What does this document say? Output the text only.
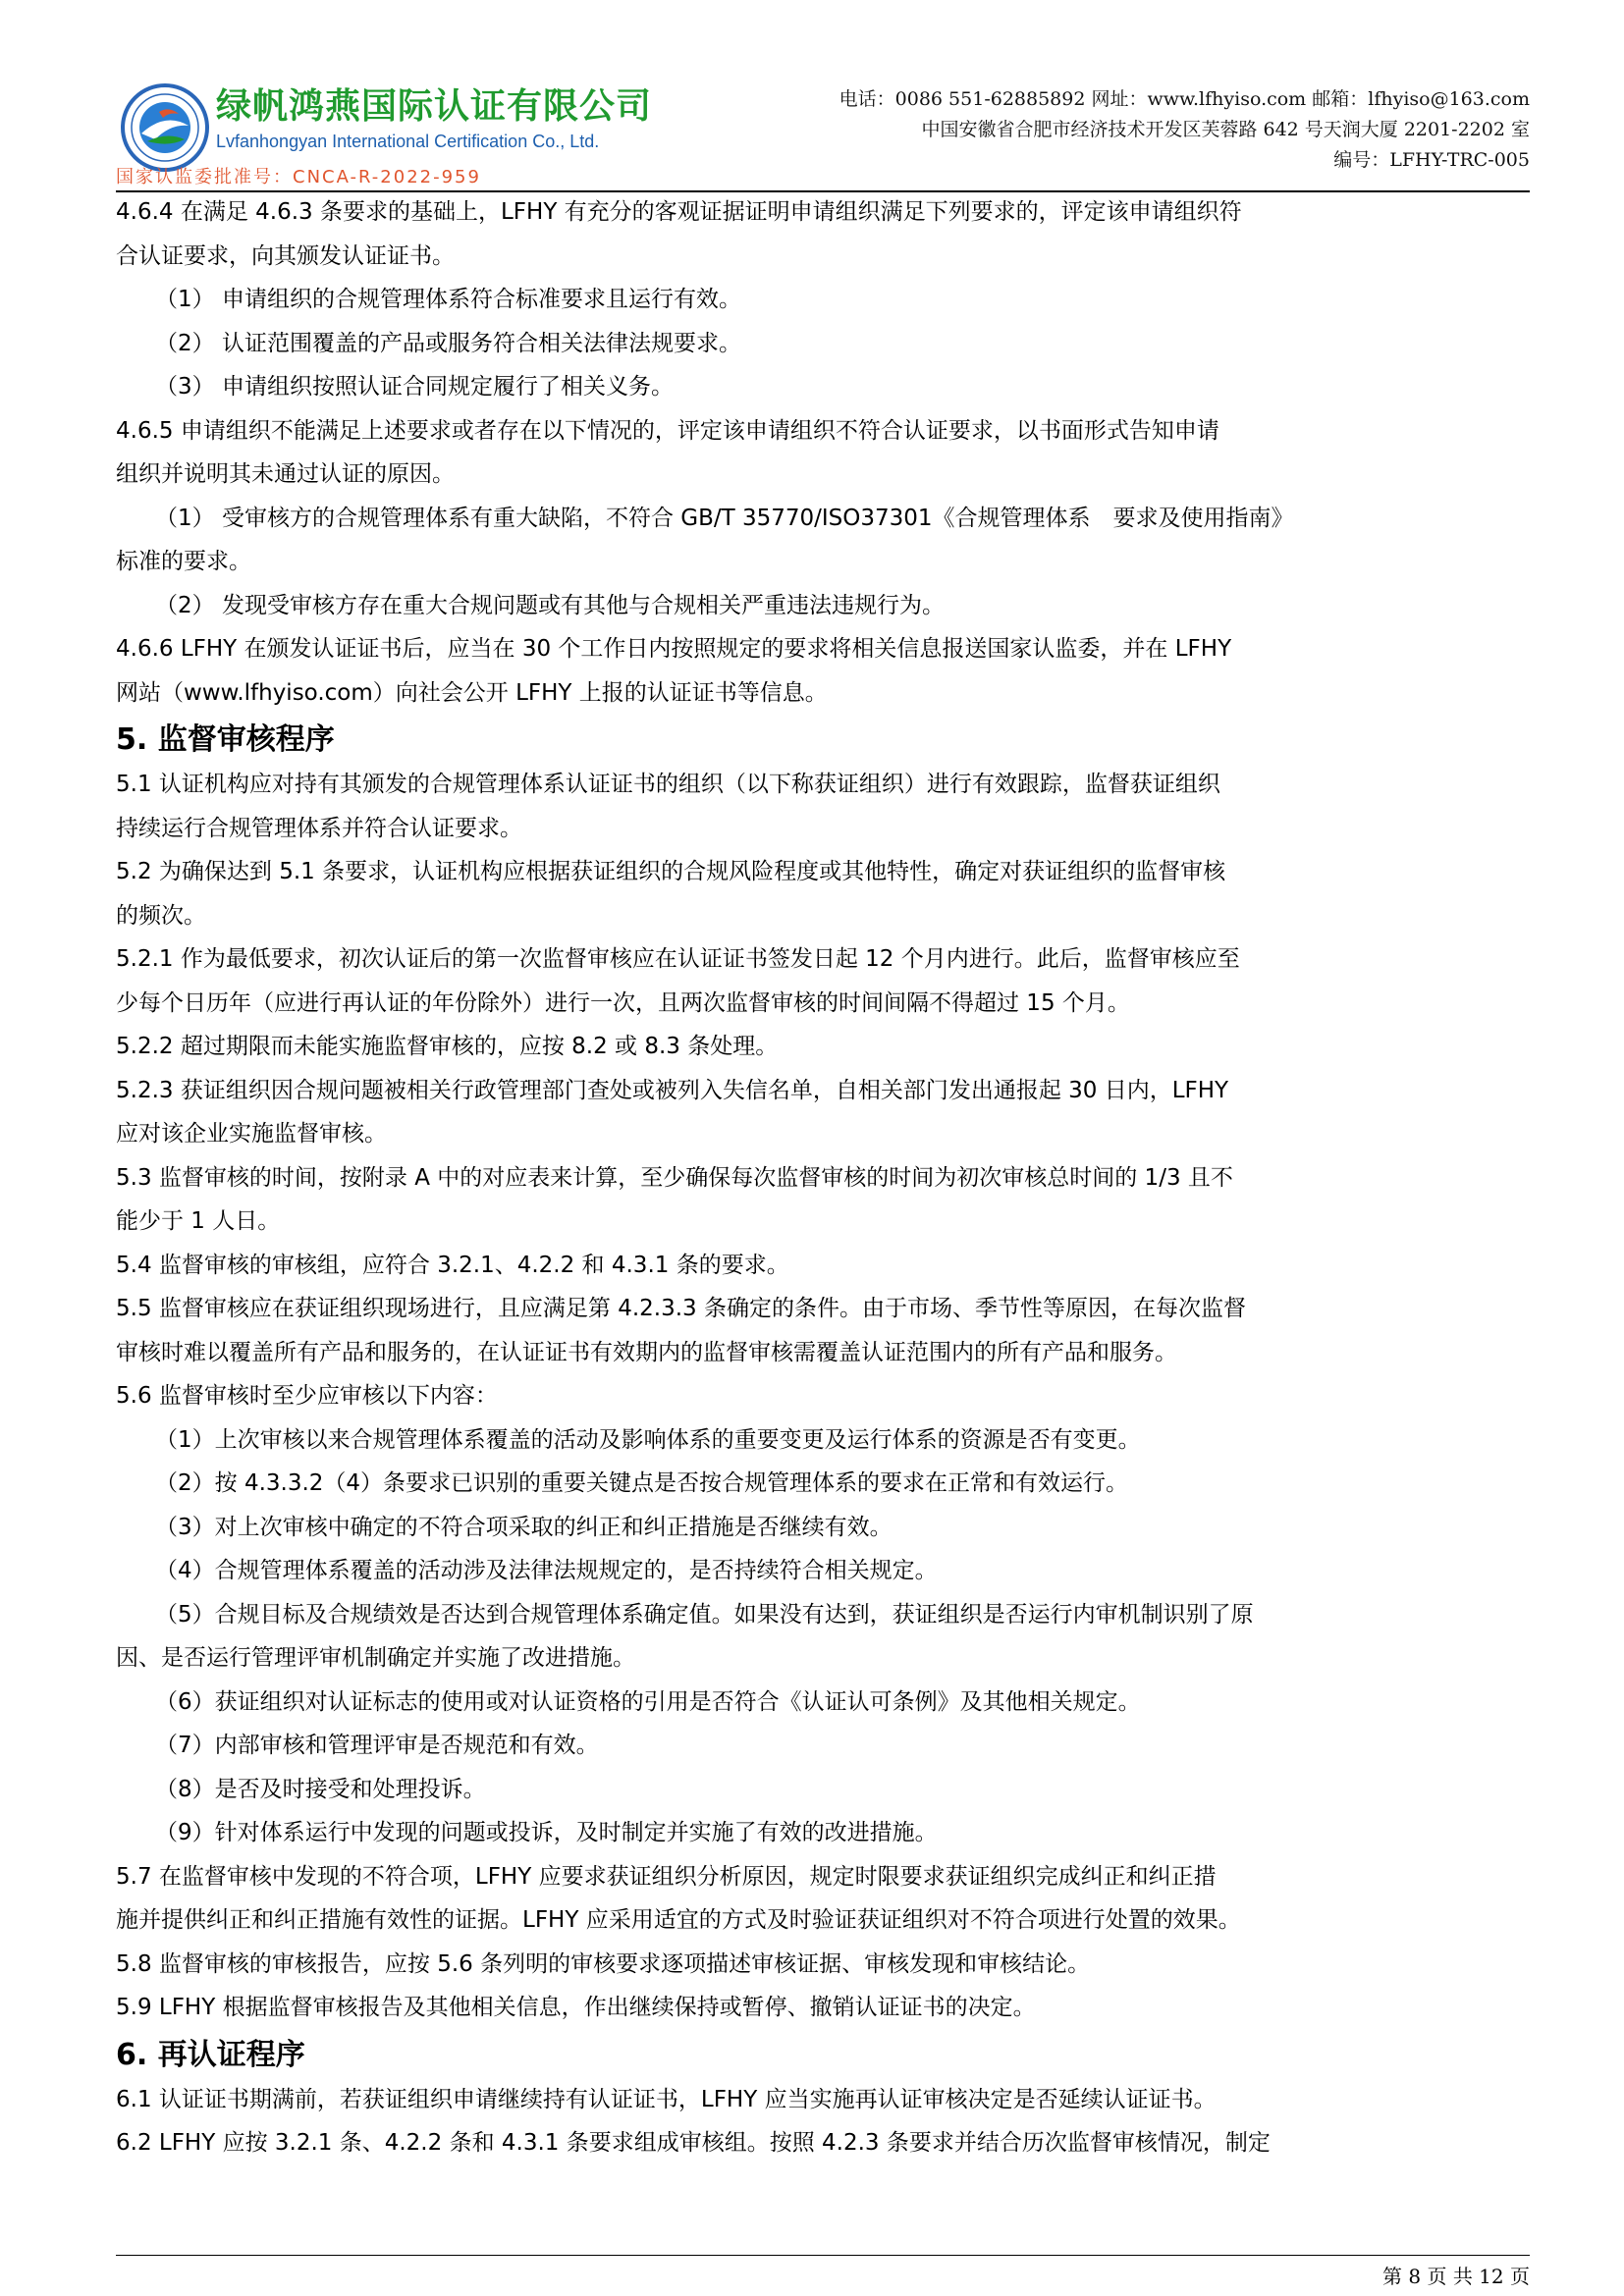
绿帆鸿燕国际认证有限公司
Lvfanhongyan International Certification Co., Ltd.
国家认监委批准号：CNCA-R-2022-959
电话：0086 551-62885892 网址：www.lfhyiso.com 邮箱：lfhyiso@163.com
中国安徽省合肥市经济技术开发区芙蓉路 642 号天润大厦 2201-2202 室
编号：LFHY-TRC-005
4.6.4 在满足 4.6.3 条要求的基础上，LFHY 有充分的客观证据证明申请组织满足下列要求的，评定该申请组织符
合认证要求，向其颁发认证证书。
（1） 申请组织的合规管理体系符合标准要求且运行有效。
（2） 认证范围覆盖的产品或服务符合相关法律法规要求。
（3） 申请组织按照认证合同规定履行了相关义务。
4.6.5 申请组织不能满足上述要求或者存在以下情况的，评定该申请组织不符合认证要求，以书面形式告知申请
组织并说明其未通过认证的原因。
（1） 受审核方的合规管理体系有重大缺陷，不符合 GB/T 35770/ISO37301《合规管理体系　要求及使用指南》
标准的要求。
（2） 发现受审核方存在重大合规问题或有其他与合规相关严重违法违规行为。
4.6.6 LFHY 在颁发认证证书后，应当在 30 个工作日内按照规定的要求将相关信息报送国家认监委，并在 LFHY
网站（www.lfhyiso.com）向社会公开 LFHY 上报的认证证书等信息。
5. 监督审核程序
5.1 认证机构应对持有其颁发的合规管理体系认证证书的组织（以下称获证组织）进行有效跟踪，监督获证组织
持续运行合规管理体系并符合认证要求。
5.2 为确保达到 5.1 条要求，认证机构应根据获证组织的合规风险程度或其他特性，确定对获证组织的监督审核
的频次。
5.2.1 作为最低要求，初次认证后的第一次监督审核应在认证证书签发日起 12 个月内进行。此后，监督审核应至
少每个日历年（应进行再认证的年份除外）进行一次，且两次监督审核的时间间隔不得超过 15 个月。
5.2.2 超过期限而未能实施监督审核的，应按 8.2 或 8.3 条处理。
5.2.3 获证组织因合规问题被相关行政管理部门查处或被列入失信名单，自相关部门发出通报起 30 日内，LFHY
应对该企业实施监督审核。
5.3 监督审核的时间，按附录 A 中的对应表来计算，至少确保每次监督审核的时间为初次审核总时间的 1/3 且不
能少于 1 人日。
5.4 监督审核的审核组，应符合 3.2.1、4.2.2 和 4.3.1 条的要求。
5.5 监督审核应在获证组织现场进行，且应满足第 4.2.3.3 条确定的条件。由于市场、季节性等原因，在每次监督
审核时难以覆盖所有产品和服务的，在认证证书有效期内的监督审核需覆盖认证范围内的所有产品和服务。
5.6 监督审核时至少应审核以下内容：
（1）上次审核以来合规管理体系覆盖的活动及影响体系的重要变更及运行体系的资源是否有变更。
（2）按 4.3.3.2（4）条要求已识别的重要关键点是否按合规管理体系的要求在正常和有效运行。
（3）对上次审核中确定的不符合项采取的纠正和纠正措施是否继续有效。
（4）合规管理体系覆盖的活动涉及法律法规规定的，是否持续符合相关规定。
（5）合规目标及合规绩效是否达到合规管理体系确定值。如果没有达到，获证组织是否运行内审机制识别了原
因、是否运行管理评审机制确定并实施了改进措施。
（6）获证组织对认证标志的使用或对认证资格的引用是否符合《认证认可条例》及其他相关规定。
（7）内部审核和管理评审是否规范和有效。
（8）是否及时接受和处理投诉。
（9）针对体系运行中发现的问题或投诉，及时制定并实施了有效的改进措施。
5.7 在监督审核中发现的不符合项，LFHY 应要求获证组织分析原因，规定时限要求获证组织完成纠正和纠正措
施并提供纠正和纠正措施有效性的证据。LFHY 应采用适宜的方式及时验证获证组织对不符合项进行处置的效果。
5.8 监督审核的审核报告，应按 5.6 条列明的审核要求逐项描述审核证据、审核发现和审核结论。
5.9 LFHY 根据监督审核报告及其他相关信息，作出继续保持或暂停、撤销认证证书的决定。
6. 再认证程序
6.1 认证证书期满前，若获证组织申请继续持有认证证书，LFHY 应当实施再认证审核决定是否延续认证证书。
6.2 LFHY 应按 3.2.1 条、4.2.2 条和 4.3.1 条要求组成审核组。按照 4.2.3 条要求并结合历次监督审核情况，制定
第 8 页 共 12 页
